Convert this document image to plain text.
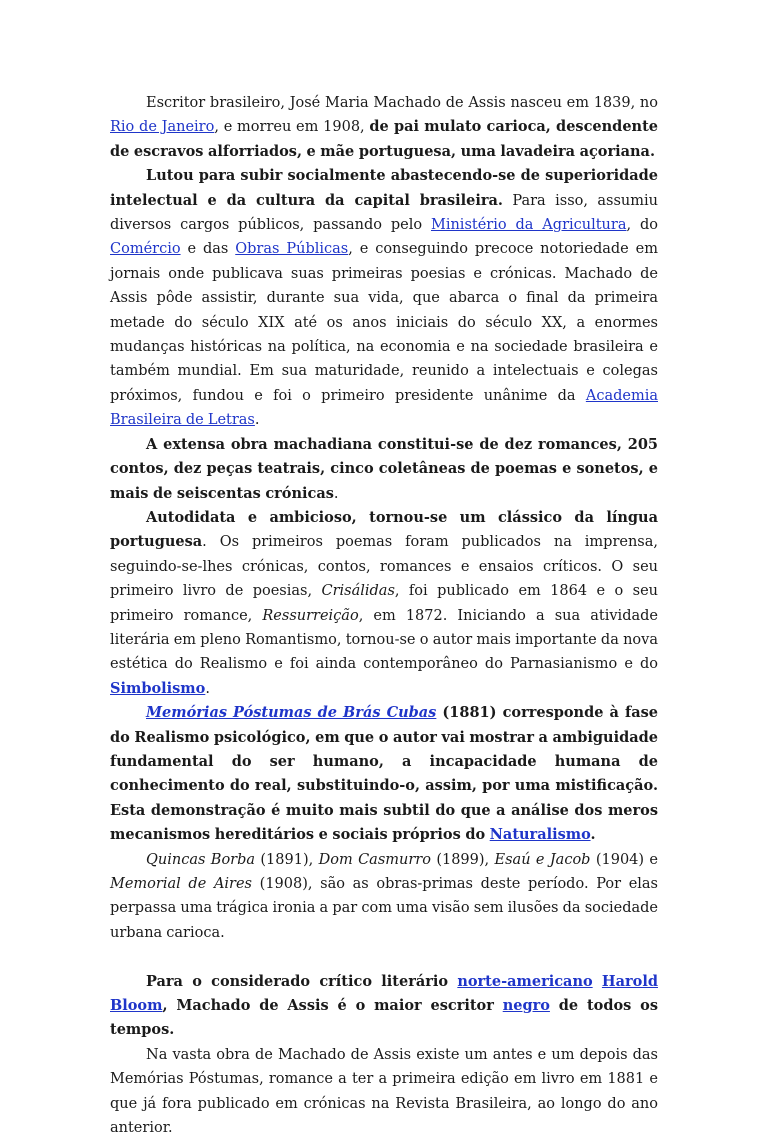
Escritor brasileiro, José Maria Machado de Assis nasceu em 1839, no Rio de Janeiro, e morreu em 1908, de pai mulato carioca, descendente de escravos alforriados, e mãe portuguesa, uma lavadeira açoriana.

Lutou para subir socialmente abastecendo-se de superioridade intelectual e da cultura da capital brasileira. Para isso, assumiu diversos cargos públicos, passando pelo Ministério da Agricultura, do Comércio e das Obras Públicas, e conseguindo precoce notoriedade em jornais onde publicava suas primeiras poesias e crónicas. Machado de Assis pôde assistir, durante sua vida, que abarca o final da primeira metade do século XIX até os anos iniciais do século XX, a enormes mudanças históricas na política, na economia e na sociedade brasileira e também mundial. Em sua maturidade, reunido a intelectuais e colegas próximos, fundou e foi o primeiro presidente unânime da Academia Brasileira de Letras.

A extensa obra machadiana constitui-se de dez romances, 205 contos, dez peças teatrais, cinco coletâneas de poemas e sonetos, e mais de seiscentas crónicas.

Autodidata e ambicioso, tornou-se um clássico da língua portuguesa. Os primeiros poemas foram publicados na imprensa, seguindo-se-lhes crónicas, contos, romances e ensaios críticos. O seu primeiro livro de poesias, Crisálidas, foi publicado em 1864 e o seu primeiro romance, Ressurreição, em 1872. Iniciando a sua atividade literária em pleno Romantismo, tornou-se o autor mais importante da nova estética do Realismo e foi ainda contemporâneo do Parnasianismo e do Simbolismo.

Memórias Póstumas de Brás Cubas (1881) corresponde à fase do Realismo psicológico, em que o autor vai mostrar a ambiguidade fundamental do ser humano, a incapacidade humana de conhecimento do real, substituindo-o, assim, por uma mistificação. Esta demonstração é muito mais subtil do que a análise dos meros mecanismos hereditários e sociais próprios do Naturalismo.

Quincas Borba (1891), Dom Casmurro (1899), Esaú e Jacob (1904) e Memorial de Aires (1908), são as obras-primas deste período. Por elas perpassa uma trágica ironia a par com uma visão sem ilusões da sociedade urbana carioca.

Para o considerado crítico literário norte-americano Harold Bloom, Machado de Assis é o maior escritor negro de todos os tempos.

Na vasta obra de Machado de Assis existe um antes e um depois das Memórias Póstumas, romance a ter a primeira edição em livro em 1881 e que já fora publicado em crónicas na Revista Brasileira, ao longo do ano anterior.
